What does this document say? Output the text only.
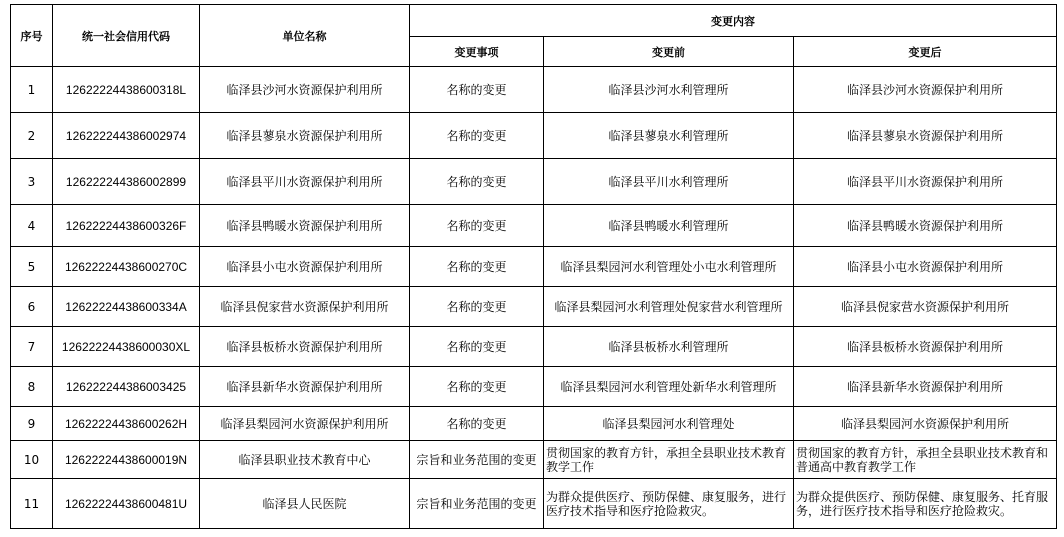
序号	统一社会信用代码	单位名称	变更内容		
			变更事项	变更前	变更后
1	12622224438600318L	临泽县沙河水资源保护利用所	名称的变更	临泽县沙河水利管理所	临泽县沙河水资源保护利用所
2	12622224438600297​4	临泽县蓼泉水资源保护利用所	名称的变更	临泽县蓼泉水利管理所	临泽县蓼泉水资源保护利用所
3	126222244386002899	临泽县平川水资源保护利用所	名称的变更	临泽县平川水利管理所	临泽县平川水资源保护利用所
4	12622224438600326F	临泽县鸭暖水资源保护利用所	名称的变更	临泽县鸭暖水利管理所	临泽县鸭暖水资源保护利用所
5	12622224438600270C	临泽县小屯水资源保护利用所	名称的变更	临泽县梨园河水利管理处小屯水利管理所	临泽县小屯水资源保护利用所
6	12622224438600334A	临泽县倪家营水资源保护利用所	名称的变更	临泽县梨园河水利管理处倪家营水利管理所	临泽县倪家营水资源保护利用所
7	12622224438600030XL	临泽县板桥水资源保护利用所	名称的变更	临泽县板桥水利管理所	临泽县板桥水资源保护利用所
8	126222244386003425	临泽县新华水资源保护利用所	名称的变更	临泽县梨园河水利管理处新华水利管理所	临泽县新华水资源保护利用所
9	12622224438600262H	临泽县梨园河水资源保护利用所	名称的变更	临泽县梨园河水利管理处	临泽县梨园河水资源保护利用所
10	12622224438600019N	临泽县职业技术教育中心	宗旨和业务范围的变更	贯彻国家的教育方针，承担全县职业技术教育教学工作	贯彻国家的教育方针，承担全县职业技术教育和普通高中教育教学工作
11	12622224438600481U	临泽县人民医院	宗旨和业务范围的变更	为群众提供医疗、预防保健、康复服务，进行医疗技术指导和医疗抢险救灾。	为群众提供医疗、预防保健、康复服务、托育服务，进行医疗技术指导和医疗抢险救灾。
